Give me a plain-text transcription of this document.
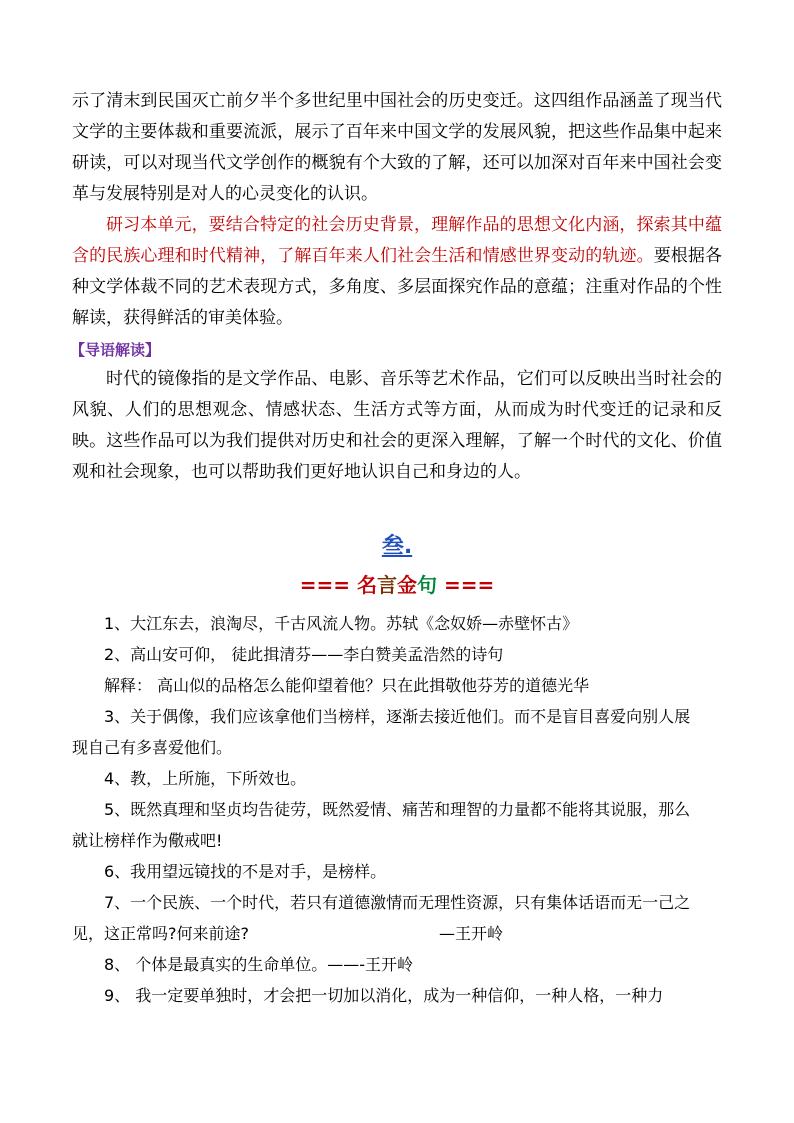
示了清末到民国灭亡前夕半个多世纪里中国社会的历史变迁。这四组作品涵盖了现当代文学的主要体裁和重要流派，展示了百年来中国文学的发展风貌，把这些作品集中起来研读，可以对现当代文学创作的概貌有个大致的了解，还可以加深对百年来中国社会变革与发展特别是对人的心灵变化的认识。

研习本单元，要结合特定的社会历史背景，理解作品的思想文化内涵，探索其中蕴含的民族心理和时代精神，了解百年来人们社会生活和情感世界变动的轨迹。要根据各种文学体裁不同的艺术表现方式，多角度、多层面探究作品的意蕴；注重对作品的个性解读，获得鲜活的审美体验。

【导语解读】

时代的镜像指的是文学作品、电影、音乐等艺术作品，它们可以反映出当时社会的风貌、人们的思想观念、情感状态、生活方式等方面，从而成为时代变迁的记录和反映。这些作品可以为我们提供对历史和社会的更深入理解，了解一个时代的文化、价值观和社会现象，也可以帮助我们更好地认识自己和身边的人。

叁.

=== 名言金句 ===

1、大江东去，浪淘尽，千古风流人物。苏轼《念奴娇—赤壁怀古》

2、高山安可仰， 徒此揖清芬——李白赞美孟浩然的诗句

解释： 高山似的品格怎么能仰望着他？只在此揖敬他芬芳的道德光华

3、关于偶像，我们应该拿他们当榜样，逐渐去接近他们。而不是盲目喜爱向别人展

现自己有多喜爱他们。

4、教，上所施，下所效也。

5、既然真理和坚贞均告徒劳，既然爱情、痛苦和理智的力量都不能将其说服，那么

就让榜样作为儆戒吧!

6、我用望远镜找的不是对手，是榜样。

7、一个民族、一个时代，若只有道德激情而无理性资源，只有集体话语而无一己之

见，这正常吗?何来前途?	—王开岭

8、 个体是最真实的生命单位。——-王开岭

9、 我一定要单独时，才会把一切加以消化，成为一种信仰，一种人格，一种力
